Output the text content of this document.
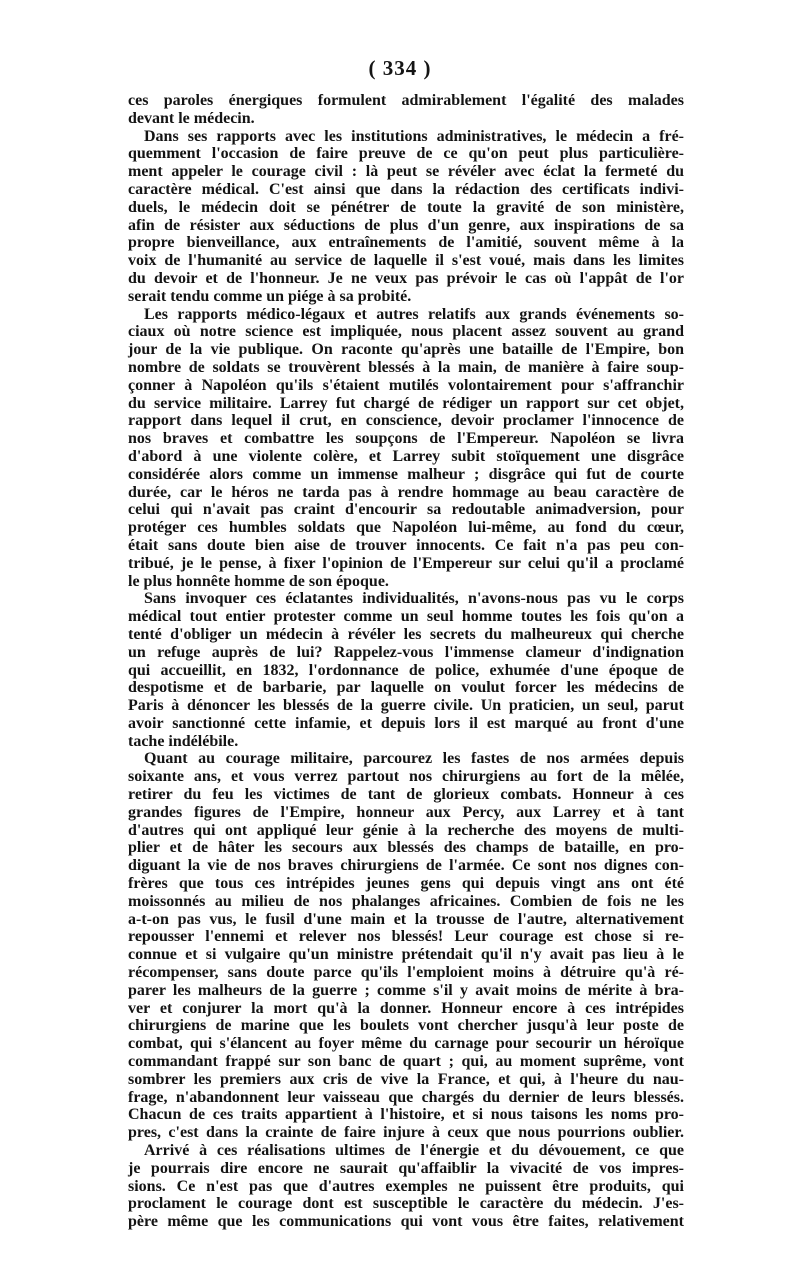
( 334 )
ces paroles énergiques formulent admirablement l'égalité des malades
devant le médecin.
Dans ses rapports avec les institutions administratives, le médecin a fré-
quemment l'occasion de faire preuve de ce qu'on peut plus particulière-
ment appeler le courage civil : là peut se révéler avec éclat la fermeté du
caractère médical. C'est ainsi que dans la rédaction des certificats indivi-
duels, le médecin doit se pénétrer de toute la gravité de son ministère,
afin de résister aux séductions de plus d'un genre, aux inspirations de sa
propre bienveillance, aux entraînements de l'amitié, souvent même à la
voix de l'humanité au service de laquelle il s'est voué, mais dans les limites
du devoir et de l'honneur. Je ne veux pas prévoir le cas où l'appât de l'or
serait tendu comme un piége à sa probité.
Les rapports médico-légaux et autres relatifs aux grands événements so-
ciaux où notre science est impliquée, nous placent assez souvent au grand
jour de la vie publique. On raconte qu'après une bataille de l'Empire, bon
nombre de soldats se trouvèrent blessés à la main, de manière à faire soup-
çonner à Napoléon qu'ils s'étaient mutilés volontairement pour s'affranchir
du service militaire. Larrey fut chargé de rédiger un rapport sur cet objet,
rapport dans lequel il crut, en conscience, devoir proclamer l'innocence de
nos braves et combattre les soupçons de l'Empereur. Napoléon se livra
d'abord à une violente colère, et Larrey subit stoïquement une disgrâce
considérée alors comme un immense malheur ; disgrâce qui fut de courte
durée, car le héros ne tarda pas à rendre hommage au beau caractère de
celui qui n'avait pas craint d'encourir sa redoutable animadversion, pour
protéger ces humbles soldats que Napoléon lui-même, au fond du cœur,
était sans doute bien aise de trouver innocents. Ce fait n'a pas peu con-
tribué, je le pense, à fixer l'opinion de l'Empereur sur celui qu'il a proclamé
le plus honnête homme de son époque.
Sans invoquer ces éclatantes individualités, n'avons-nous pas vu le corps
médical tout entier protester comme un seul homme toutes les fois qu'on a
tenté d'obliger un médecin à révéler les secrets du malheureux qui cherche
un refuge auprès de lui? Rappelez-vous l'immense clameur d'indignation
qui accueillit, en 1832, l'ordonnance de police, exhumée d'une époque de
despotisme et de barbarie, par laquelle on voulut forcer les médecins de
Paris à dénoncer les blessés de la guerre civile. Un praticien, un seul, parut
avoir sanctionné cette infamie, et depuis lors il est marqué au front d'une
tache indélébile.
Quant au courage militaire, parcourez les fastes de nos armées depuis
soixante ans, et vous verrez partout nos chirurgiens au fort de la mêlée,
retirer du feu les victimes de tant de glorieux combats. Honneur à ces
grandes figures de l'Empire, honneur aux Percy, aux Larrey et à tant
d'autres qui ont appliqué leur génie à la recherche des moyens de multi-
plier et de hâter les secours aux blessés des champs de bataille, en pro-
diguant la vie de nos braves chirurgiens de l'armée. Ce sont nos dignes con-
frères que tous ces intrépides jeunes gens qui depuis vingt ans ont été
moissonnés au milieu de nos phalanges africaines. Combien de fois ne les
a-t-on pas vus, le fusil d'une main et la trousse de l'autre, alternativement
repousser l'ennemi et relever nos blessés! Leur courage est chose si re-
connue et si vulgaire qu'un ministre prétendait qu'il n'y avait pas lieu à le
récompenser, sans doute parce qu'ils l'emploient moins à détruire qu'à ré-
parer les malheurs de la guerre ; comme s'il y avait moins de mérite à bra-
ver et conjurer la mort qu'à la donner. Honneur encore à ces intrépides
chirurgiens de marine que les boulets vont chercher jusqu'à leur poste de
combat, qui s'élancent au foyer même du carnage pour secourir un héroïque
commandant frappé sur son banc de quart ; qui, au moment suprême, vont
sombrer les premiers aux cris de vive la France, et qui, à l'heure du nau-
frage, n'abandonnent leur vaisseau que chargés du dernier de leurs blessés.
Chacun de ces traits appartient à l'histoire, et si nous taisons les noms pro-
pres, c'est dans la crainte de faire injure à ceux que nous pourrions oublier.
Arrivé à ces réalisations ultimes de l'énergie et du dévouement, ce que
je pourrais dire encore ne saurait qu'affaiblir la vivacité de vos impres-
sions. Ce n'est pas que d'autres exemples ne puissent être produits, qui
proclament le courage dont est susceptible le caractère du médecin. J'es-
père même que les communications qui vont vous être faites, relativement
